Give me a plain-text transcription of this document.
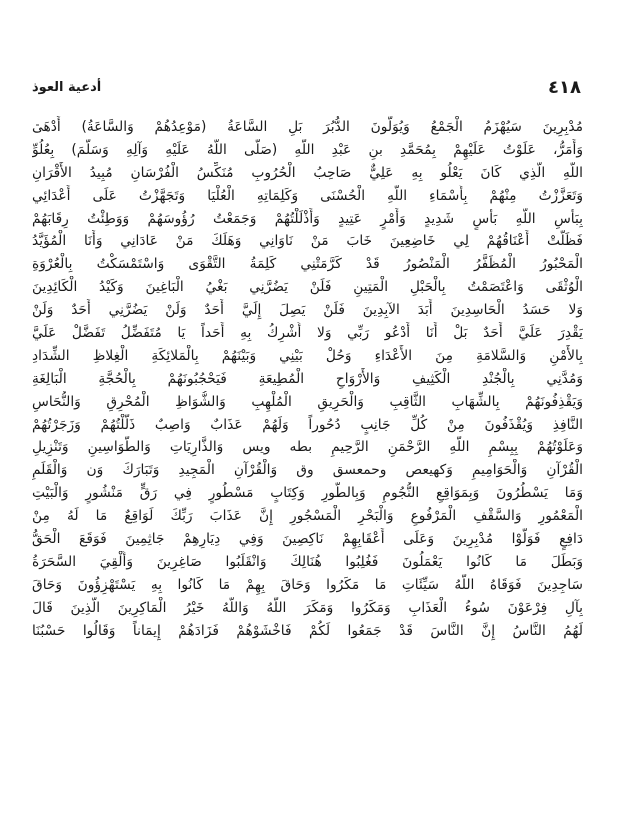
٤١٨
أدعية العوذ
مُدْبِرِينَ سَيُهْزَمُ الْجَمْعُ وَيُوَلُّونَ الدُّبُرَ بَلِ السَّاعَةُ (مَوْعِدُهُمْ وَالسَّاعَةُ) أَدْهَى
وَأَمَرُّ، عَلَوْتُ عَلَيْهِمْ بِمُحَمَّدِ بنِ عَبْدِ اللَّهِ (صَلَّى اللَّهُ عَلَيْهِ وَآلِهِ وَسَلَّمَ) بِعُلُوِّ
اللَّهِ الَّذِي كَانَ يَعْلُو بِهِ عَلِيٌّ صَاحِبُ الْحُرُوبِ مُنَكِّسُ الْفُرْسَانِ مُبِيدُ الأَقْرَانِ
وَتَعَزَّزْتُ مِنْهُمْ بِأَسْمَاءِ اللَّهِ الْحُسْنَى وَكَلِمَاتِهِ الْعُلْيَا وَتَجَهَّزْتُ عَلَى أَعْدَائِي
بِبَأْسِ اللَّهِ بَأْسٍ شَدِيدٍ وَأَمْرٍ عَتِيدٍ وَأَذْلَلْتُهُمْ وَجَمَعْتُ رُؤُوسَهُمْ وَوَطِئْتُ رِقَابَهُمْ
فَظَلَّتْ أَعْنَاقُهُمْ لِي خَاضِعِينَ خَابَ مَنْ نَاوَانِي وَهَلَكَ مَنْ عَادَانِي وَأَنَا الْمُؤَيَّدُ
الْمَحْبُورُ الْمُظَفَّرُ الْمَنْصُورُ قَدْ كَرَّمَتْنِي كَلِمَةُ التَّقْوَى وَاسْتَمْسَكْتُ بِالْعُرْوَةِ
الْوُثْقَى وَاعْتَصَمْتُ بِالْحَبْلِ الْمَتِينِ فَلَنْ يَضُرَّنِي بَغْيُ الْبَاغِينَ وَكَيْدُ الْكَائِدِينَ
وَلا حَسَدُ الْحَاسِدِينَ أَبَدَ الآبِدِينَ فَلَنْ يَصِلَ إِلَيَّ أَحَدٌ وَلَنْ يَضُرَّنِي أَحَدٌ وَلَنْ
يَقْدِرَ عَلَيَّ أَحَدٌ بَلْ أَنَا أَدْعُو رَبِّي وَلا أُشْرِكُ بِهِ أَحَداً يَا مُتَفَضِّلُ تَفَضَّلْ عَلَيَّ
بِالأَمْنِ وَالسَّلامَةِ مِنَ الأَعْدَاءِ وَحُلْ بَيْنِي وَبَيْنَهُمْ بِالْمَلائِكَةِ الْغِلاظِ الشِّدَادِ
وَمُدَّنِي بِالْجُنْدِ الْكَثِيفِ وَالأَرْوَاحِ الْمُطِيعَةِ فَيَحْجُبُونَهُمْ بِالْحُجَّةِ الْبَالِغَةِ
وَيَقْذِفُونَهُمْ بِالشِّهَابِ الثَّاقِبِ وَالْحَرِيقِ الْمُلْهِبِ وَالشُّوَاظِ الْمُحْرِقِ وَالنُّحَاسِ
النَّافِذِ وَيُقْذَفُونَ مِنْ كُلِّ جَانِبٍ دُحُوراً وَلَهُمْ عَذَابٌ وَاصِبٌ ذَلَّلْتُهُمْ وَزَجَرْتُهُمْ
وَعَلَوْتُهُمْ بِبِسْمِ اللَّهِ الرَّحْمَنِ الرَّحِيمِ بطه ويس وَالذَّارِيَاتِ وَالطَّوَاسِينِ وَتَنْزِيلِ
الْقُرْآنِ وَالْحَوَامِيمِ وَكهيعص وحمعسق وق وَالْقُرْآنِ الْمَجِيدِ وَتَبَارَكَ وَن وَالْقَلَمِ
وَمَا يَسْطُرُونَ وَبِمَوَاقِعِ النُّجُومِ وَبِالطُّورِ وَكِتَابٍ مَسْطُورٍ فِي رَقٍّ مَنْشُورٍ وَالْبَيْتِ
الْمَعْمُورِ وَالسَّقْفِ الْمَرْفُوعِ وَالْبَحْرِ الْمَسْجُورِ إِنَّ عَذَابَ رَبِّكَ لَوَاقِعٌ مَا لَهُ مِنْ
دَافِعٍ فَوَلَّوْا مُدْبِرِينَ وَعَلَى أَعْقَابِهِمْ نَاكِصِينَ وَفِي دِيَارِهِمْ جَاثِمِينَ فَوَقَعَ الْحَقُّ
وَبَطَلَ مَا كَانُوا يَعْمَلُونَ فَغُلِبُوا هُنَالِكَ وَانْقَلَبُوا صَاغِرِينَ وَأُلْقِيَ السَّحَرَةُ
سَاجِدِينَ فَوَقَاهُ اللَّهُ سَيِّئَاتِ مَا مَكَرُوا وَحَاقَ بِهِمْ مَا كَانُوا بِهِ يَسْتَهْزِؤُونَ وَحَاقَ
بِآلِ فِرْعَوْنَ سُوءُ الْعَذَابِ وَمَكَرُوا وَمَكَرَ اللَّهُ وَاللَّهُ خَيْرُ الْمَاكِرِينَ الَّذِينَ قَالَ
لَهُمُ النَّاسُ إِنَّ النَّاسَ قَدْ جَمَعُوا لَكُمْ فَاخْشَوْهُمْ فَزَادَهُمْ إِيمَاناً وَقَالُوا حَسْبُنَا
